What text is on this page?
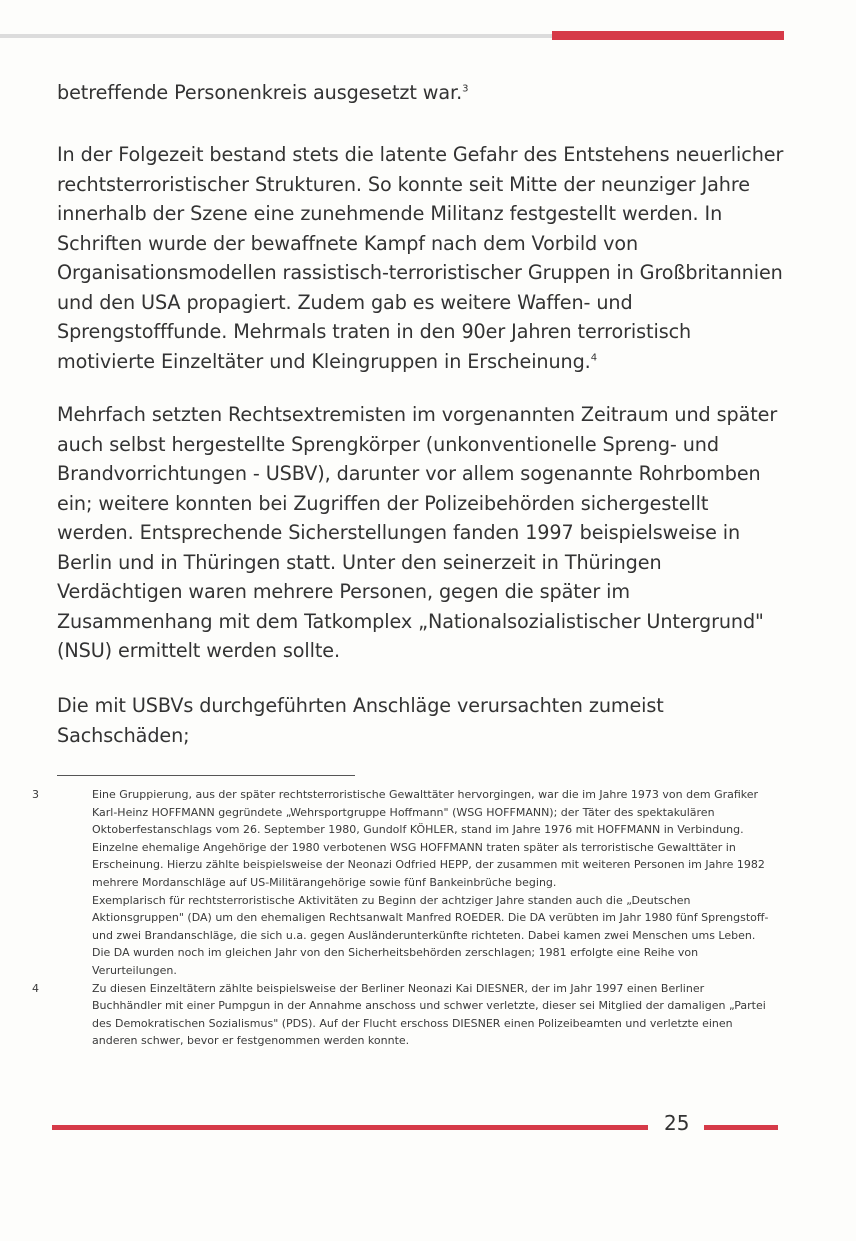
betreffende Personenkreis ausgesetzt war.$^3$

In der Folgezeit bestand stets die latente Gefahr des Entstehens neuerlicher rechtsterroristischer Strukturen. So konnte seit Mitte der neunziger Jahre innerhalb der Szene eine zunehmende Militanz festgestellt werden. In Schriften wurde der bewaffnete Kampf nach dem Vorbild von Organisationsmodellen rassistisch-terroristischer Gruppen in Großbritannien und den USA propagiert. Zudem gab es weitere Waffen- und Sprengstofffunde. Mehrmals traten in den 90er Jahren terroristisch motivierte Einzeltäter und Kleingruppen in Erscheinung.$^4$

Mehrfach setzten Rechtsextremisten im vorgenannten Zeitraum und später auch selbst hergestellte Sprengkörper (unkonventionelle Spreng- und Brandvorrichtungen - USBV), darunter vor allem sogenannte Rohrbomben ein; weitere konnten bei Zugriffen der Polizeibehörden sichergestellt werden. Entsprechende Sicherstellungen fanden 1997 beispielsweise in Berlin und in Thüringen statt. Unter den seinerzeit in Thüringen Verdächtigen waren mehrere Personen, gegen die später im Zusammenhang mit dem Tatkomplex „Nationalsozialistischer Untergrund" (NSU) ermittelt werden sollte.

Die mit USBVs durchgeführten Anschläge verursachten zumeist Sachschäden;

3	Eine Gruppierung, aus der später rechtsterroristische Gewalttäter hervorgingen, war die im Jahre 1973 von dem Grafiker Karl-Heinz HOFFMANN gegründete „Wehrsportgruppe Hoffmann" (WSG HOFFMANN); der Täter des spektakulären Oktoberfestanschlags vom 26. September 1980, Gundolf KÖHLER, stand im Jahre 1976 mit HOFFMANN in Verbindung. Einzelne ehemalige Angehörige der 1980 verbotenen WSG HOFFMANN traten später als terroristische Gewalttäter in Erscheinung. Hierzu zählte beispielsweise der Neonazi Odfried HEPP, der zusammen mit weiteren Personen im Jahre 1982 mehrere Mordanschläge auf US-Militärangehörige sowie fünf Bankeinbrüche beging.

Exemplarisch für rechtsterroristische Aktivitäten zu Beginn der achtziger Jahre standen auch die „Deutschen Aktionsgruppen" (DA) um den ehemaligen Rechtsanwalt Manfred ROEDER. Die DA verübten im Jahr 1980 fünf Sprengstoff- und zwei Brandanschläge, die sich u.a. gegen Ausländerunterkünfte richteten. Dabei kamen zwei Menschen ums Leben. Die DA wurden noch im gleichen Jahr von den Sicherheitsbehörden zerschlagen; 1981 erfolgte eine Reihe von Verurteilungen.

4	Zu diesen Einzeltätern zählte beispielsweise der Berliner Neonazi Kai DIESNER, der im Jahr 1997 einen Berliner Buchhändler mit einer Pumpgun in der Annahme anschoss und schwer verletzte, dieser sei Mitglied der damaligen „Partei des Demokratischen Sozialismus" (PDS). Auf der Flucht erschoss DIESNER einen Polizeibeamten und verletzte einen anderen schwer, bevor er festgenommen werden konnte.

25
